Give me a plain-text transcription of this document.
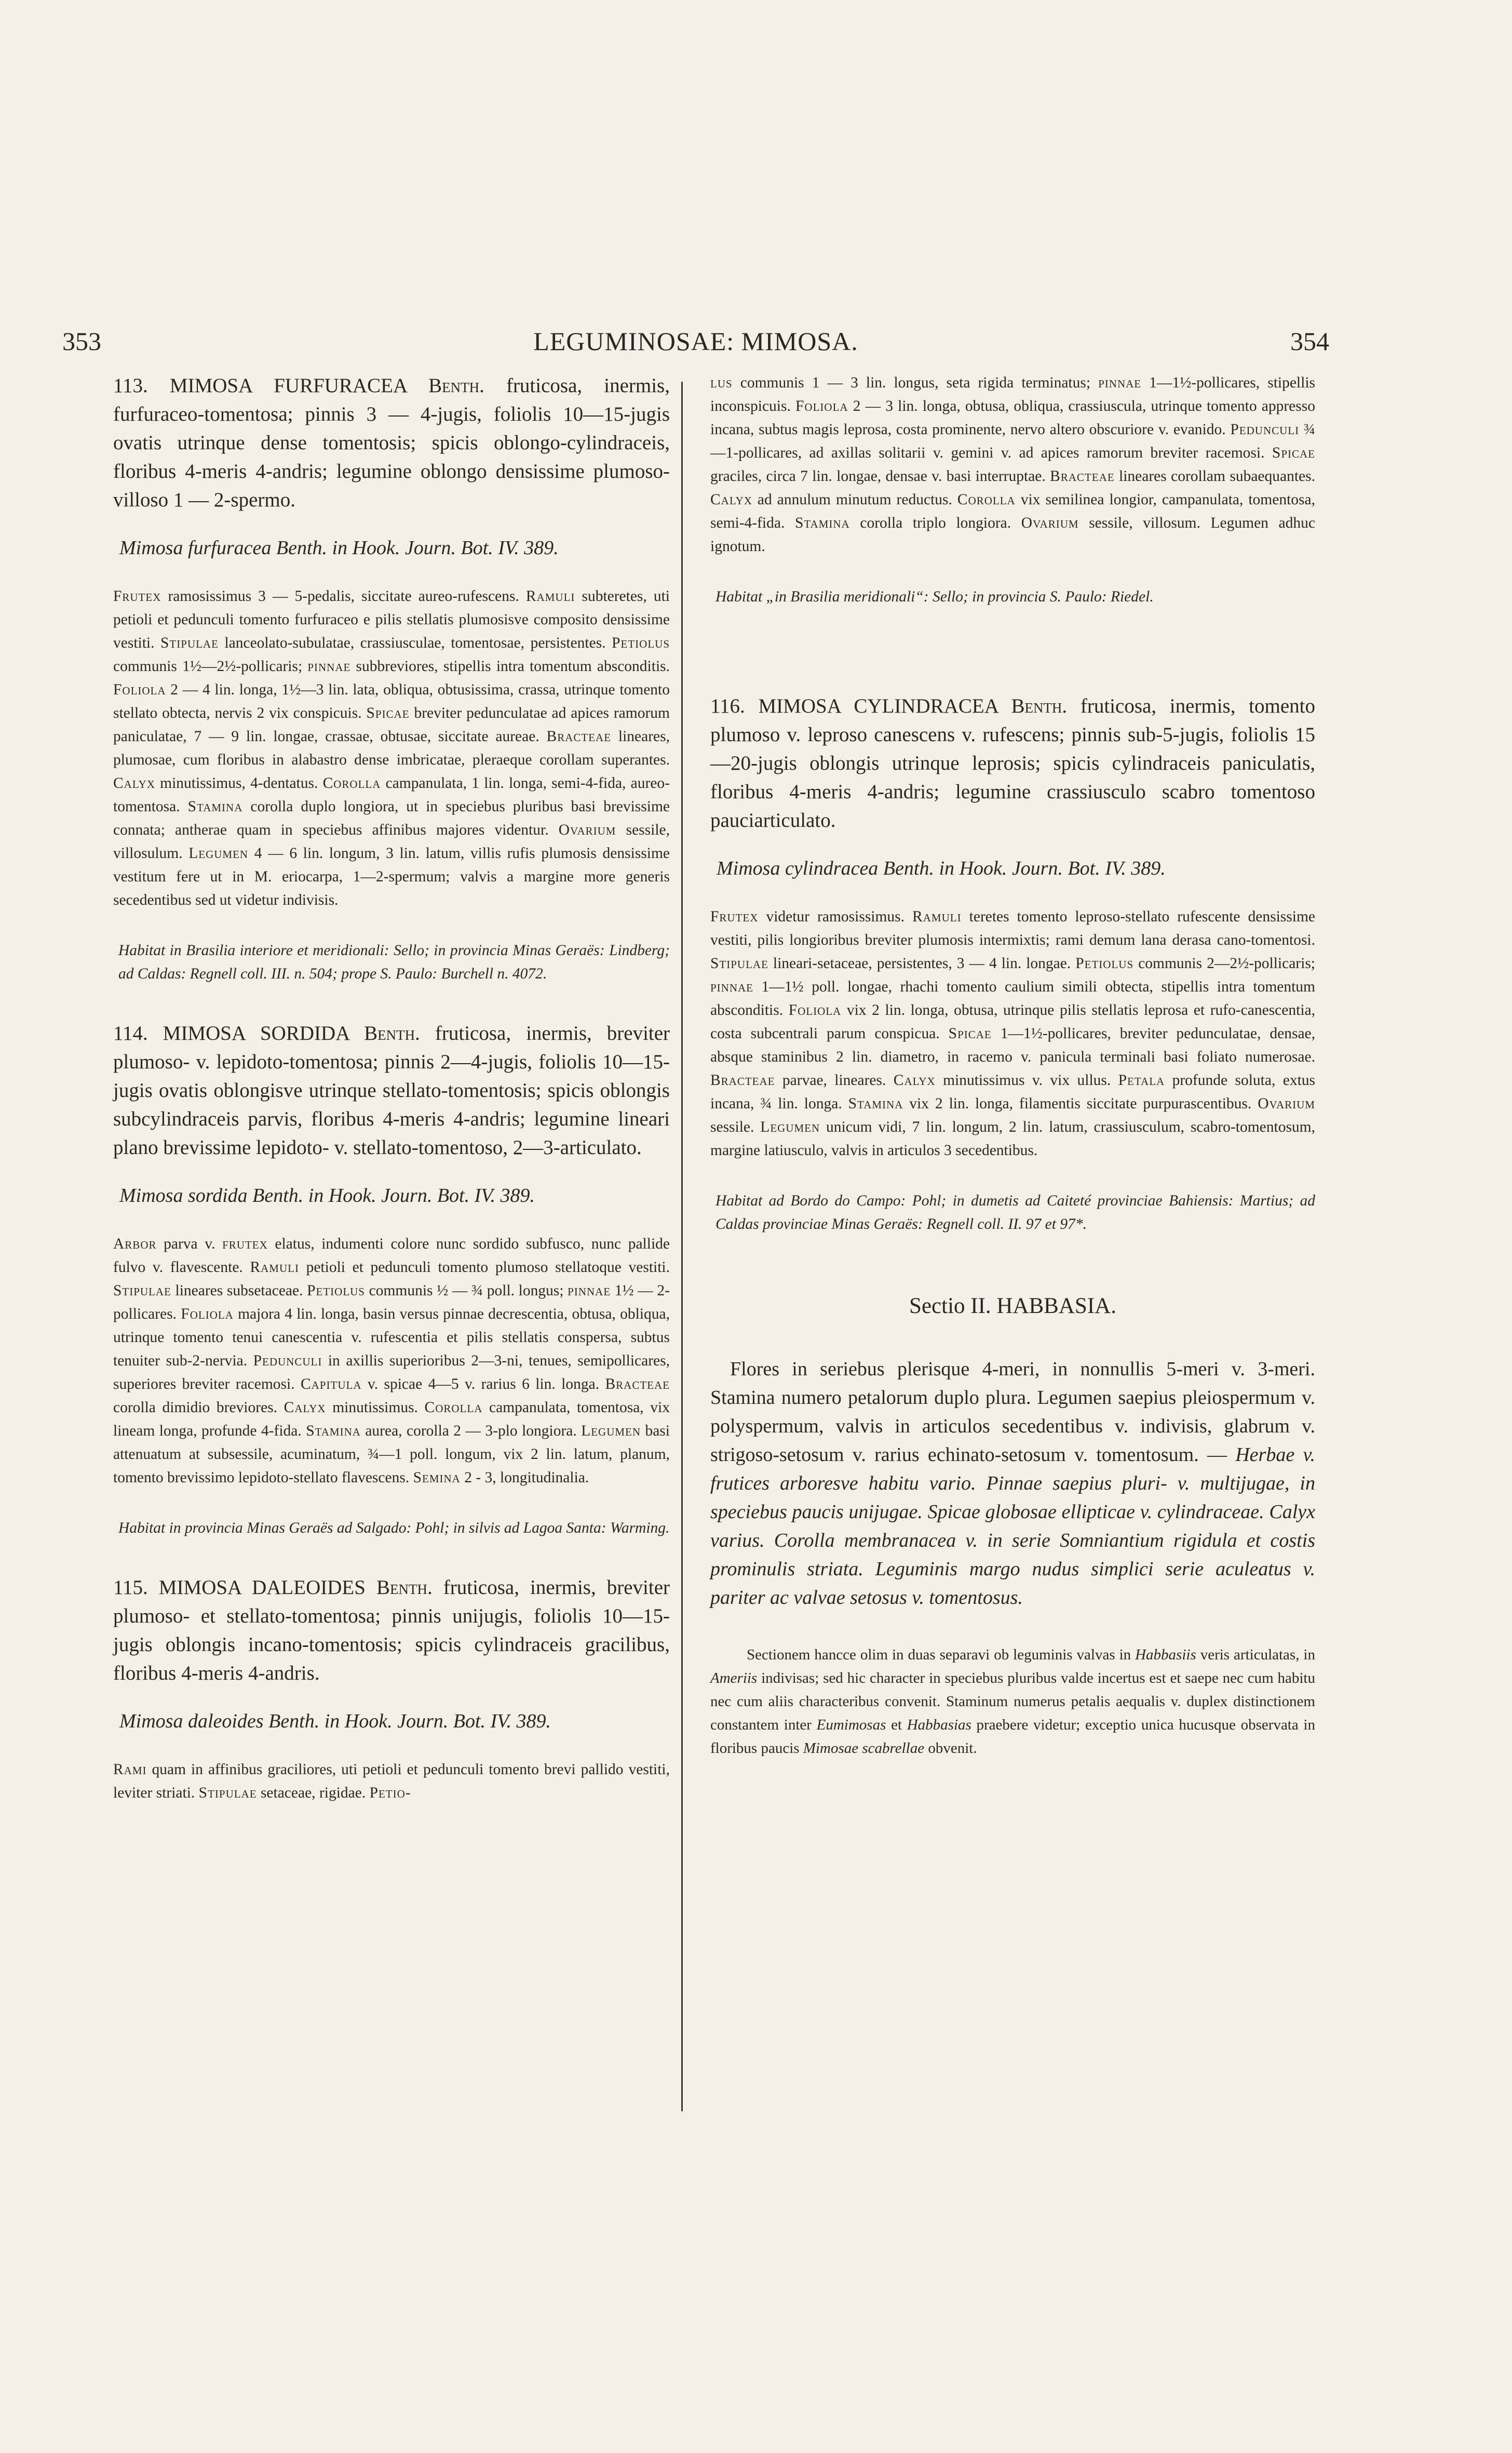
353	LEGUMINOSAE: MIMOSA.	354

113. MIMOSA FURFURACEA Benth. fruticosa, inermis, furfuraceo-tomentosa; pinnis 3 — 4-jugis, foliolis 10—15-jugis ovatis utrinque dense tomentosis; spicis oblongo-cylindraceis, floribus 4-meris 4-andris; legumine oblongo densissime plumoso-villoso 1 — 2-spermo.

Mimosa furfuracea Benth. in Hook. Journ. Bot. IV. 389.

Frutex ramosissimus 3 — 5-pedalis, siccitate aureo-rufescens. Ramuli subteretes, uti petioli et pedunculi tomento furfuraceo e pilis stellatis plumosisve composito densissime vestiti. Stipulae lanceolato-subulatae, crassiusculae, tomentosae, persistentes. Petiolus communis 1½—2½-pollicaris; pinnae subbreviores, stipellis intra tomentum absconditis. Foliola 2 — 4 lin. longa, 1½—3 lin. lata, obliqua, obtusissima, crassa, utrinque tomento stellato obtecta, nervis 2 vix conspicuis. Spicae breviter pedunculatae ad apices ramorum paniculatae, 7 — 9 lin. longae, crassae, obtusae, siccitate aureae. Bracteae lineares, plumosae, cum floribus in alabastro dense imbricatae, pleraeque corollam superantes. Calyx minutissimus, 4-dentatus. Corolla campanulata, 1 lin. longa, semi-4-fida, aureo-tomentosa. Stamina corolla duplo longiora, ut in speciebus pluribus basi brevissime connata; antherae quam in speciebus affinibus majores videntur. Ovarium sessile, villosulum. Legumen 4 — 6 lin. longum, 3 lin. latum, villis rufis plumosis densissime vestitum fere ut in M. eriocarpa, 1—2-spermum; valvis a margine more generis secedentibus sed ut videtur indivisis.

Habitat in Brasilia interiore et meridionali: Sello; in provincia Minas Geraës: Lindberg; ad Caldas: Regnell coll. III. n. 504; prope S. Paulo: Burchell n. 4072.

114. MIMOSA SORDIDA Benth. fruticosa, inermis, breviter plumoso- v. lepidoto-tomentosa; pinnis 2—4-jugis, foliolis 10—15-jugis ovatis oblongisve utrinque stellato-tomentosis; spicis oblongis subcylindraceis parvis, floribus 4-meris 4-andris; legumine lineari plano brevissime lepidoto- v. stellato-tomentoso, 2—3-articulato.

Mimosa sordida Benth. in Hook. Journ. Bot. IV. 389.

Arbor parva v. frutex elatus, indumenti colore nunc sordido subfusco, nunc pallide fulvo v. flavescente. Ramuli petioli et pedunculi tomento plumoso stellatoque vestiti. Stipulae lineares subsetaceae. Petiolus communis ½ — ¾ poll. longus; pinnae 1½ — 2-pollicares. Foliola majora 4 lin. longa, basin versus pinnae decrescentia, obtusa, obliqua, utrinque tomento tenui canescentia v. rufescentia et pilis stellatis conspersa, subtus tenuiter sub-2-nervia. Pedunculi in axillis superioribus 2—3-ni, tenues, semipollicares, superiores breviter racemosi. Capitula v. spicae 4—5 v. rarius 6 lin. longa. Bracteae corolla dimidio breviores. Calyx minutissimus. Corolla campanulata, tomentosa, vix lineam longa, profunde 4-fida. Stamina aurea, corolla 2 — 3-plo longiora. Legumen basi attenuatum at subsessile, acuminatum, ¾—1 poll. longum, vix 2 lin. latum, planum, tomento brevissimo lepidoto-stellato flavescens. Semina 2 - 3, longitudinalia.

Habitat in provincia Minas Geraës ad Salgado: Pohl; in silvis ad Lagoa Santa: Warming.

115. MIMOSA DALEOIDES Benth. fruticosa, inermis, breviter plumoso- et stellato-tomentosa; pinnis unijugis, foliolis 10—15-jugis oblongis incano-tomentosis; spicis cylindraceis gracilibus, floribus 4-meris 4-andris.

Mimosa daleoides Benth. in Hook. Journ. Bot. IV. 389.

Rami quam in affinibus graciliores, uti petioli et pedunculi tomento brevi pallido vestiti, leviter striati. Stipulae setaceae, rigidae. Petio-

lus communis 1 — 3 lin. longus, seta rigida terminatus; pinnae 1—1½-pollicares, stipellis inconspicuis. Foliola 2 — 3 lin. longa, obtusa, obliqua, crassiuscula, utrinque tomento appresso incana, subtus magis leprosa, costa prominente, nervo altero obscuriore v. evanido. Pedunculi ¾—1-pollicares, ad axillas solitarii v. gemini v. ad apices ramorum breviter racemosi. Spicae graciles, circa 7 lin. longae, densae v. basi interruptae. Bracteae lineares corollam subaequantes. Calyx ad annulum minutum reductus. Corolla vix semilinea longior, campanulata, tomentosa, semi-4-fida. Stamina corolla triplo longiora. Ovarium sessile, villosum. Legumen adhuc ignotum.

Habitat „in Brasilia meridionali“: Sello; in provincia S. Paulo: Riedel.

116. MIMOSA CYLINDRACEA Benth. fruticosa, inermis, tomento plumoso v. leproso canescens v. rufescens; pinnis sub-5-jugis, foliolis 15—20-jugis oblongis utrinque leprosis; spicis cylindraceis paniculatis, floribus 4-meris 4-andris; legumine crassiusculo scabro tomentoso pauciarticulato.

Mimosa cylindracea Benth. in Hook. Journ. Bot. IV. 389.

Frutex videtur ramosissimus. Ramuli teretes tomento leproso-stellato rufescente densissime vestiti, pilis longioribus breviter plumosis intermixtis; rami demum lana derasa cano-tomentosi. Stipulae lineari-setaceae, persistentes, 3 — 4 lin. longae. Petiolus communis 2—2½-pollicaris; pinnae 1—1½ poll. longae, rhachi tomento caulium simili obtecta, stipellis intra tomentum absconditis. Foliola vix 2 lin. longa, obtusa, utrinque pilis stellatis leprosa et rufo-canescentia, costa subcentrali parum conspicua. Spicae 1—1½-pollicares, breviter pedunculatae, densae, absque staminibus 2 lin. diametro, in racemo v. panicula terminali basi foliato numerosae. Bracteae parvae, lineares. Calyx minutissimus v. vix ullus. Petala profunde soluta, extus incana, ¾ lin. longa. Stamina vix 2 lin. longa, filamentis siccitate purpurascentibus. Ovarium sessile. Legumen unicum vidi, 7 lin. longum, 2 lin. latum, crassiusculum, scabro-tomentosum, margine latiusculo, valvis in articulos 3 secedentibus.

Habitat ad Bordo do Campo: Pohl; in dumetis ad Caiteté provinciae Bahiensis: Martius; ad Caldas provinciae Minas Geraës: Regnell coll. II. 97 et 97*.
Sectio II. HABBASIA.

Flores in seriebus plerisque 4-meri, in nonnullis 5-meri v. 3-meri. Stamina numero petalorum duplo plura. Legumen saepius pleiospermum v. polyspermum, valvis in articulos secedentibus v. indivisis, glabrum v. strigoso-setosum v. rarius echinato-setosum v. tomentosum. — Herbae v. frutices arboresve habitu vario. Pinnae saepius pluri- v. multijugae, in speciebus paucis unijugae. Spicae globosae ellipticae v. cylindraceae. Calyx varius. Corolla membranacea v. in serie Somniantium rigidula et costis prominulis striata. Leguminis margo nudus simplici serie aculeatus v. pariter ac valvae setosus v. tomentosus.

Sectionem hancce olim in duas separavi ob leguminis valvas in Habbasiis veris articulatas, in Ameriis indivisas; sed hic character in speciebus pluribus valde incertus est et saepe nec cum habitu nec cum aliis characteribus convenit. Staminum numerus petalis aequalis v. duplex distinctionem constantem inter Eumimosas et Habbasias praebere videtur; exceptio unica hucusque observata in floribus paucis Mimosae scabrellae obvenit.
